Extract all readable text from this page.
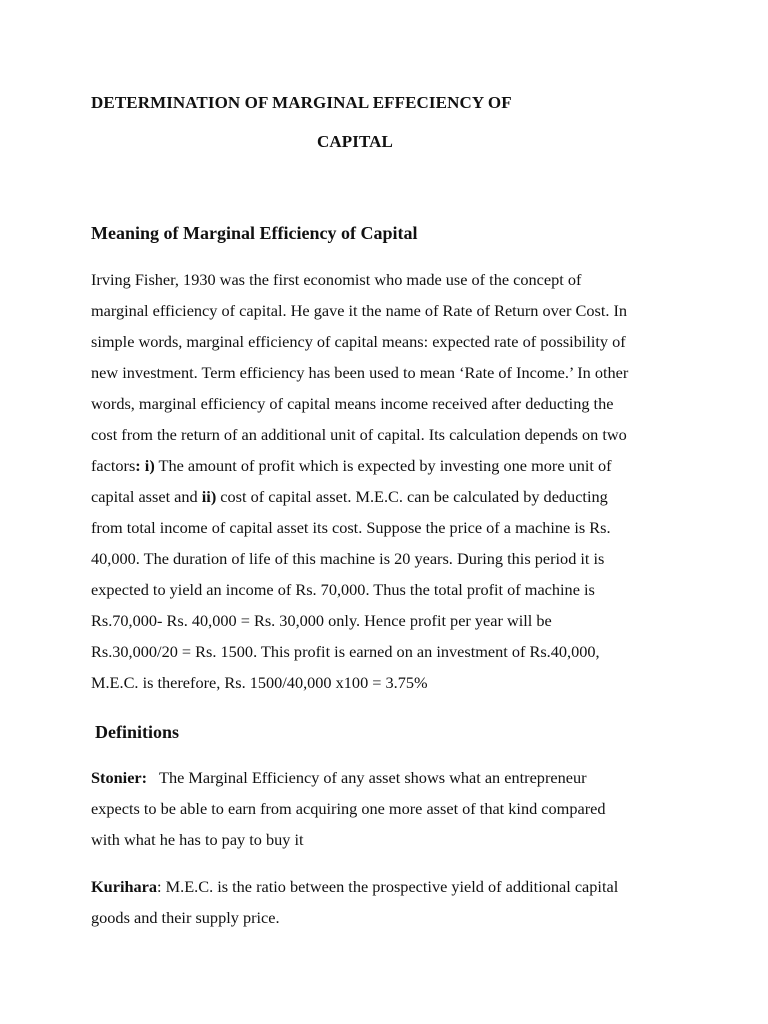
DETERMINATION OF MARGINAL EFFECIENCY OF
CAPITAL
Meaning of Marginal Efficiency of Capital
Irving Fisher, 1930 was the first economist who made use of the concept of
marginal efficiency of capital. He gave it the name of Rate of Return over Cost. In
simple words, marginal efficiency of capital means: expected rate of possibility of
new investment. Term efficiency has been used to mean ‘Rate of Income.’ In other
words, marginal efficiency of capital means income received after deducting the
cost from the return of an additional unit of capital. Its calculation depends on two
factors: i) The amount of profit which is expected by investing one more unit of
capital asset and ii) cost of capital asset. M.E.C. can be calculated by deducting
from total income of capital asset its cost. Suppose the price of a machine is Rs.
40,000. The duration of life of this machine is 20 years. During this period it is
expected to yield an income of Rs. 70,000. Thus the total profit of machine is
Rs.70,000- Rs. 40,000 = Rs. 30,000 only. Hence profit per year will be
Rs.30,000/20 = Rs. 1500. This profit is earned on an investment of Rs.40,000,
M.E.C. is therefore, Rs. 1500/40,000 x100 = 3.75%
Definitions
Stonier:   The Marginal Efficiency of any asset shows what an entrepreneur
expects to be able to earn from acquiring one more asset of that kind compared
with what he has to pay to buy it
Kurihara: M.E.C. is the ratio between the prospective yield of additional capital
goods and their supply price.
